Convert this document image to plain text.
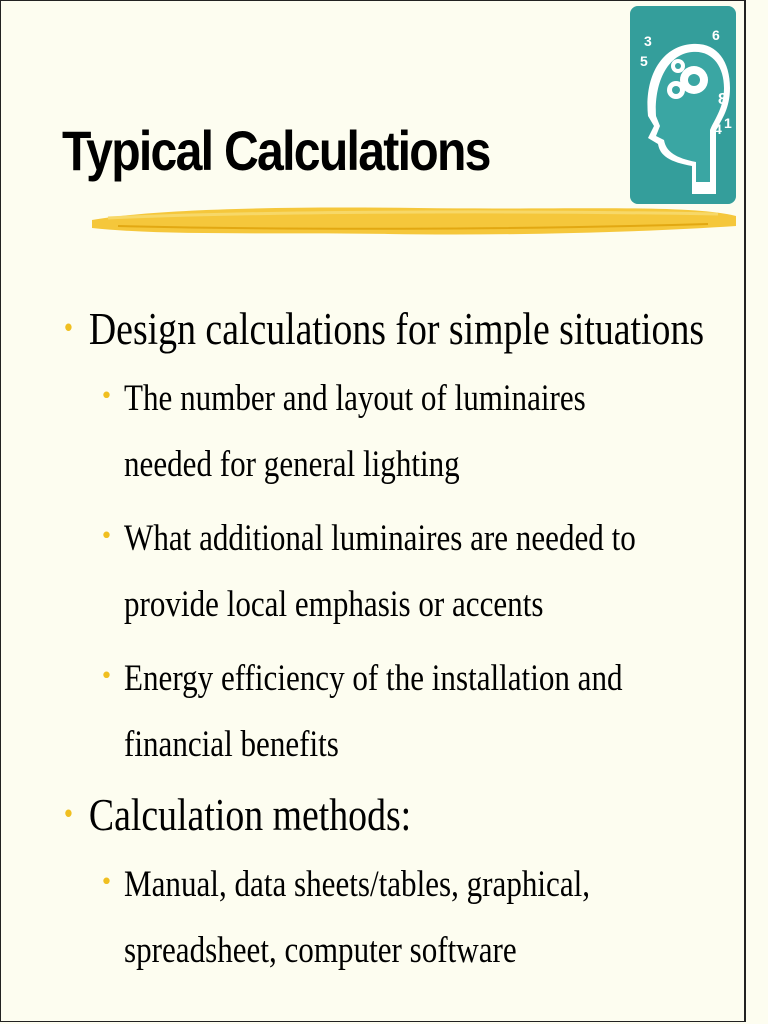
Typical Calculations
3
5
6
8
4 1
• Design calculations for simple situations
• The number and layout of luminaires needed for general lighting
• What additional luminaires are needed to provide local emphasis or accents
• Energy efficiency of the installation and financial benefits
• Calculation methods:
• Manual, data sheets/tables, graphical, spreadsheet, computer software
